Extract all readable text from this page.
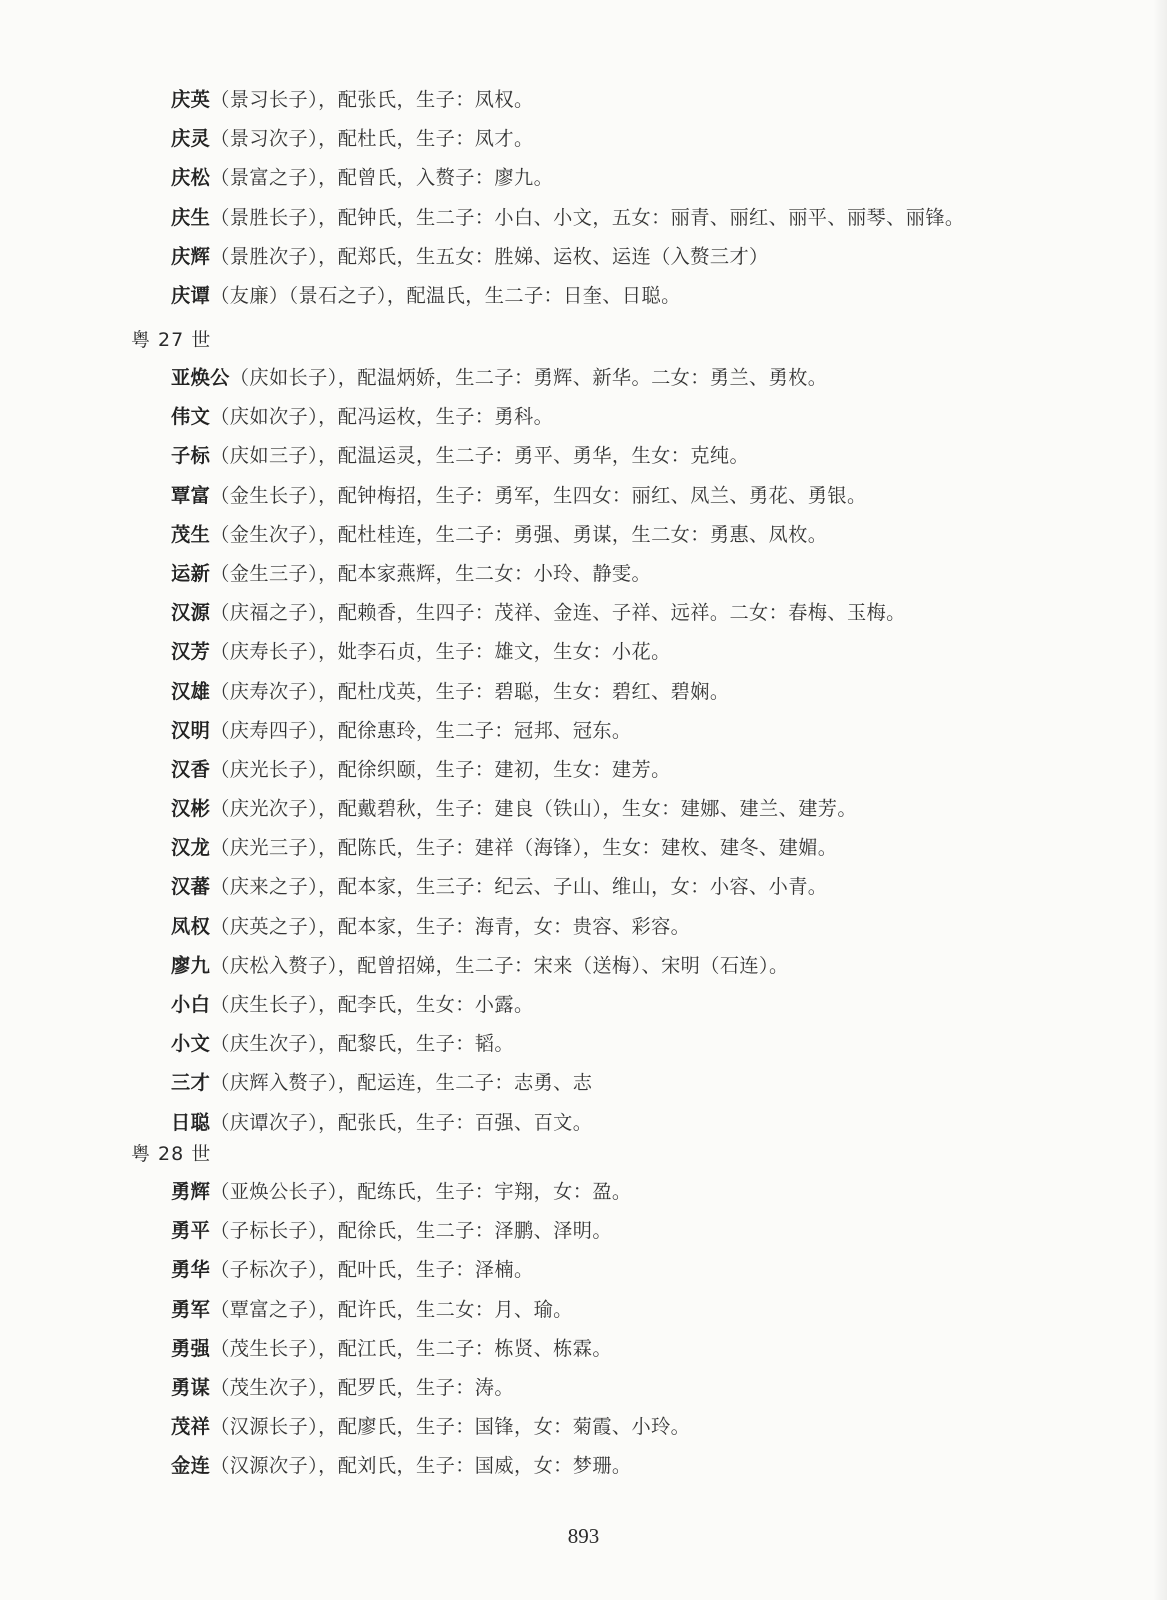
庆英（景习长子），配张氏，生子：凤权。
庆灵（景习次子），配杜氏，生子：凤才。
庆松（景富之子），配曾氏，入赘子：廖九。
庆生（景胜长子），配钟氏，生二子：小白、小文，五女：丽青、丽红、丽平、丽琴、丽锋。
庆辉（景胜次子），配郑氏，生五女：胜娣、运枚、运连（入赘三才）
庆谭（友廉）（景石之子），配温氏，生二子：日奎、日聪。
粤 27 世
亚焕公（庆如长子），配温炳娇，生二子：勇辉、新华。二女：勇兰、勇枚。
伟文（庆如次子），配冯运枚，生子：勇科。
子标（庆如三子），配温运灵，生二子：勇平、勇华，生女：克纯。
覃富（金生长子），配钟梅招，生子：勇军，生四女：丽红、凤兰、勇花、勇银。
茂生（金生次子），配杜桂连，生二子：勇强、勇谋，生二女：勇惠、凤枚。
运新（金生三子），配本家燕辉，生二女：小玲、静雯。
汉源（庆福之子），配赖香，生四子：茂祥、金连、子祥、远祥。二女：春梅、玉梅。
汉芳（庆寿长子），妣李石贞，生子：雄文，生女：小花。
汉雄（庆寿次子），配杜戊英，生子：碧聪，生女：碧红、碧娴。
汉明（庆寿四子），配徐惠玲，生二子：冠邦、冠东。
汉香（庆光长子），配徐织颐，生子：建初，生女：建芳。
汉彬（庆光次子），配戴碧秋，生子：建良（铁山），生女：建娜、建兰、建芳。
汉龙（庆光三子），配陈氏，生子：建祥（海锋），生女：建枚、建冬、建媚。
汉蕃（庆来之子），配本家，生三子：纪云、子山、维山，女：小容、小青。
凤权（庆英之子），配本家，生子：海青，女：贵容、彩容。
廖九（庆松入赘子），配曾招娣，生二子：宋来（送梅）、宋明（石连）。
小白（庆生长子），配李氏，生女：小露。
小文（庆生次子），配黎氏，生子：韬。
三才（庆辉入赘子），配运连，生二子：志勇、志
日聪（庆谭次子），配张氏，生子：百强、百文。
粤 28 世
勇辉（亚焕公长子），配练氏，生子：宇翔，女：盈。
勇平（子标长子），配徐氏，生二子：泽鹏、泽明。
勇华（子标次子），配叶氏，生子：泽楠。
勇军（覃富之子），配许氏，生二女：月、瑜。
勇强（茂生长子），配江氏，生二子：栋贤、栋霖。
勇谋（茂生次子），配罗氏，生子：涛。
茂祥（汉源长子），配廖氏，生子：国锋，女：菊霞、小玲。
金连（汉源次子），配刘氏，生子：国威，女：梦珊。
893
